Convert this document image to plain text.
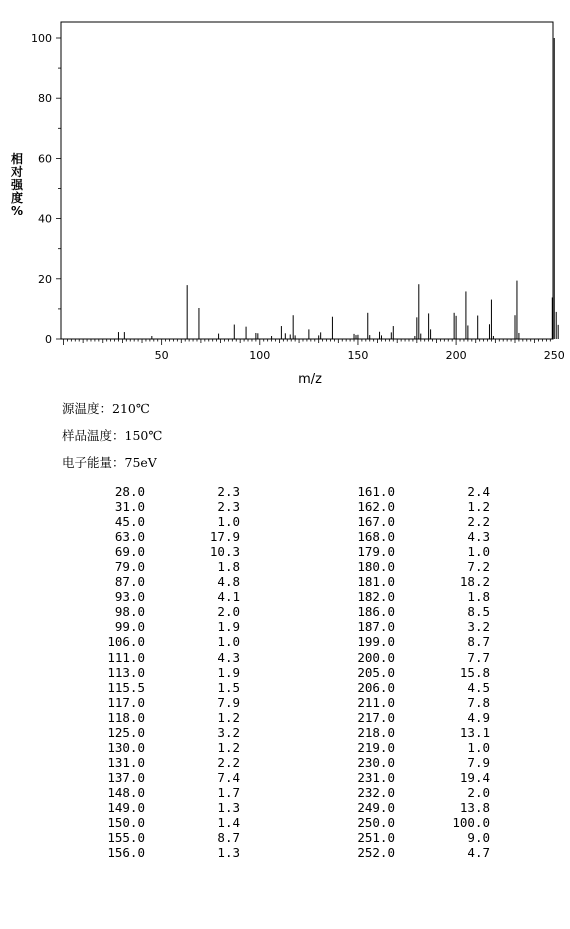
50	100	150	200	250
0
20
40
60
80
100
m/z
相对强度%
源温度：210℃
样品温度：150℃
电子能量：75eV
28.0	2.3
31.0	2.3
45.0	1.0
63.0	17.9
69.0	10.3
79.0	1.8
87.0	4.8
93.0	4.1
98.0	2.0
99.0	1.9
106.0	1.0
111.0	4.3
113.0	1.9
115.5	1.5
117.0	7.9
118.0	1.2
125.0	3.2
130.0	1.2
131.0	2.2
137.0	7.4
148.0	1.7
149.0	1.3
150.0	1.4
155.0	8.7
156.0	1.3
161.0	2.4
162.0	1.2
167.0	2.2
168.0	4.3
179.0	1.0
180.0	7.2
181.0	18.2
182.0	1.8
186.0	8.5
187.0	3.2
199.0	8.7
200.0	7.7
205.0	15.8
206.0	4.5
211.0	7.8
217.0	4.9
218.0	13.1
219.0	1.0
230.0	7.9
231.0	19.4
232.0	2.0
249.0	13.8
250.0	100.0
251.0	9.0
252.0	4.7
